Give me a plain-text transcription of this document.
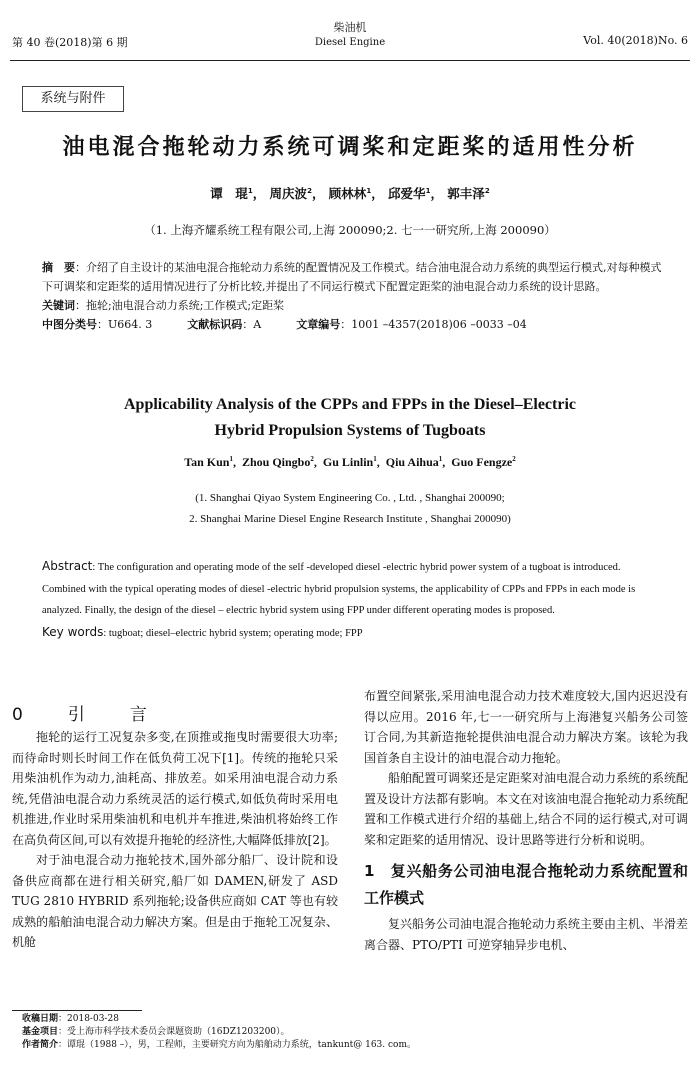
第 40 卷(2018)第 6 期
柴油机
Diesel Engine	Vol. 40(2018)No. 6
系统与附件
油电混合拖轮动力系统可调桨和定距桨的适用性分析
谭　琨$^1$， 周庆波$^2$， 顾林林$^1$， 邱爱华$^1$， 郭丰泽$^2$
（1. 上海齐耀系统工程有限公司,上海 200090;2. 七一一研究所,上海 200090）
摘　要：介绍了自主设计的某油电混合拖轮动力系统的配置情况及工作模式。结合油电混合动力系统的典型运行模式,对每种模式下可调桨和定距桨的适用情况进行了分析比较,并提出了不同运行模式下配置定距桨的油电混合动力系统的设计思路。
关键词：拖轮;油电混合动力系统;工作模式;定距桨
中图分类号：U664. 3	文献标识码：A	文章编号：1001 –4357(2018)06 –0033 –04
Applicability Analysis of the CPPs and FPPs in the Diesel–Electric
Hybrid Propulsion Systems of Tugboats
Tan Kun$^1$,  Zhou Qingbo$^2$,  Gu Linlin$^1$,  Qiu Aihua$^1$,  Guo Fengze$^2$
(1. Shanghai Qiyao System Engineering Co. , Ltd. , Shanghai 200090;
2. Shanghai Marine Diesel Engine Research Institute , Shanghai 200090)
Abstract: The configuration and operating mode of the self -developed diesel -electric hybrid power system of a tugboat is introduced. Combined with the typical operating modes of diesel -electric hybrid propulsion systems, the applicability of CPPs and FPPs in each mode is analyzed. Finally, the design of the diesel – electric hybrid system using FPP under different operating modes is proposed.
Key words: tugboat; diesel–electric hybrid system; operating mode; FPP
0　引　言

拖轮的运行工况复杂多变,在顶推或拖曳时需要很大功率;而待命时则长时间工作在低负荷工况下[1]。传统的拖轮只采用柴油机作为动力,油耗高、排放差。如采用油电混合动力系统,凭借油电混合动力系统灵活的运行模式,如低负荷时采用电机推进,作业时采用柴油机和电机并车推进,柴油机将始终工作在高负荷区间,可以有效提升拖轮的经济性,大幅降低排放[2]。

对于油电混合动力拖轮技术,国外部分船厂、设计院和设备供应商都在进行相关研究,船厂如 DAMEN,研发了 ASD TUG 2810 HYBRID 系列拖轮;设备供应商如 CAT 等也有较成熟的船舶油电混合动力解决方案。但是由于拖轮工况复杂、机舱

布置空间紧张,采用油电混合动力技术难度较大,国内迟迟没有得以应用。2016 年,七一一研究所与上海港复兴船务公司签订合同,为其新造拖轮提供油电混合动力解决方案。该轮为我国首条自主设计的油电混合动力拖轮。

船舶配置可调桨还是定距桨对油电混合动力系统的系统配置及设计方法都有影响。本文在对该油电混合拖轮动力系统配置和工作模式进行介绍的基础上,结合不同的运行模式,对可调桨和定距桨的适用情况、设计思路等进行分析和说明。

1　复兴船务公司油电混合拖轮动力系统配置和工作模式

复兴船务公司油电混合拖轮动力系统主要由主机、半滑差离合器、PTO/PTI 可逆穿轴异步电机、

收稿日期：2018-03-28
基金项目：受上海市科学技术委员会课题资助（16DZ1203200）。
作者简介：谭琨（1988 –），男，工程师，主要研究方向为船舶动力系统，tankunt@ 163. com。
